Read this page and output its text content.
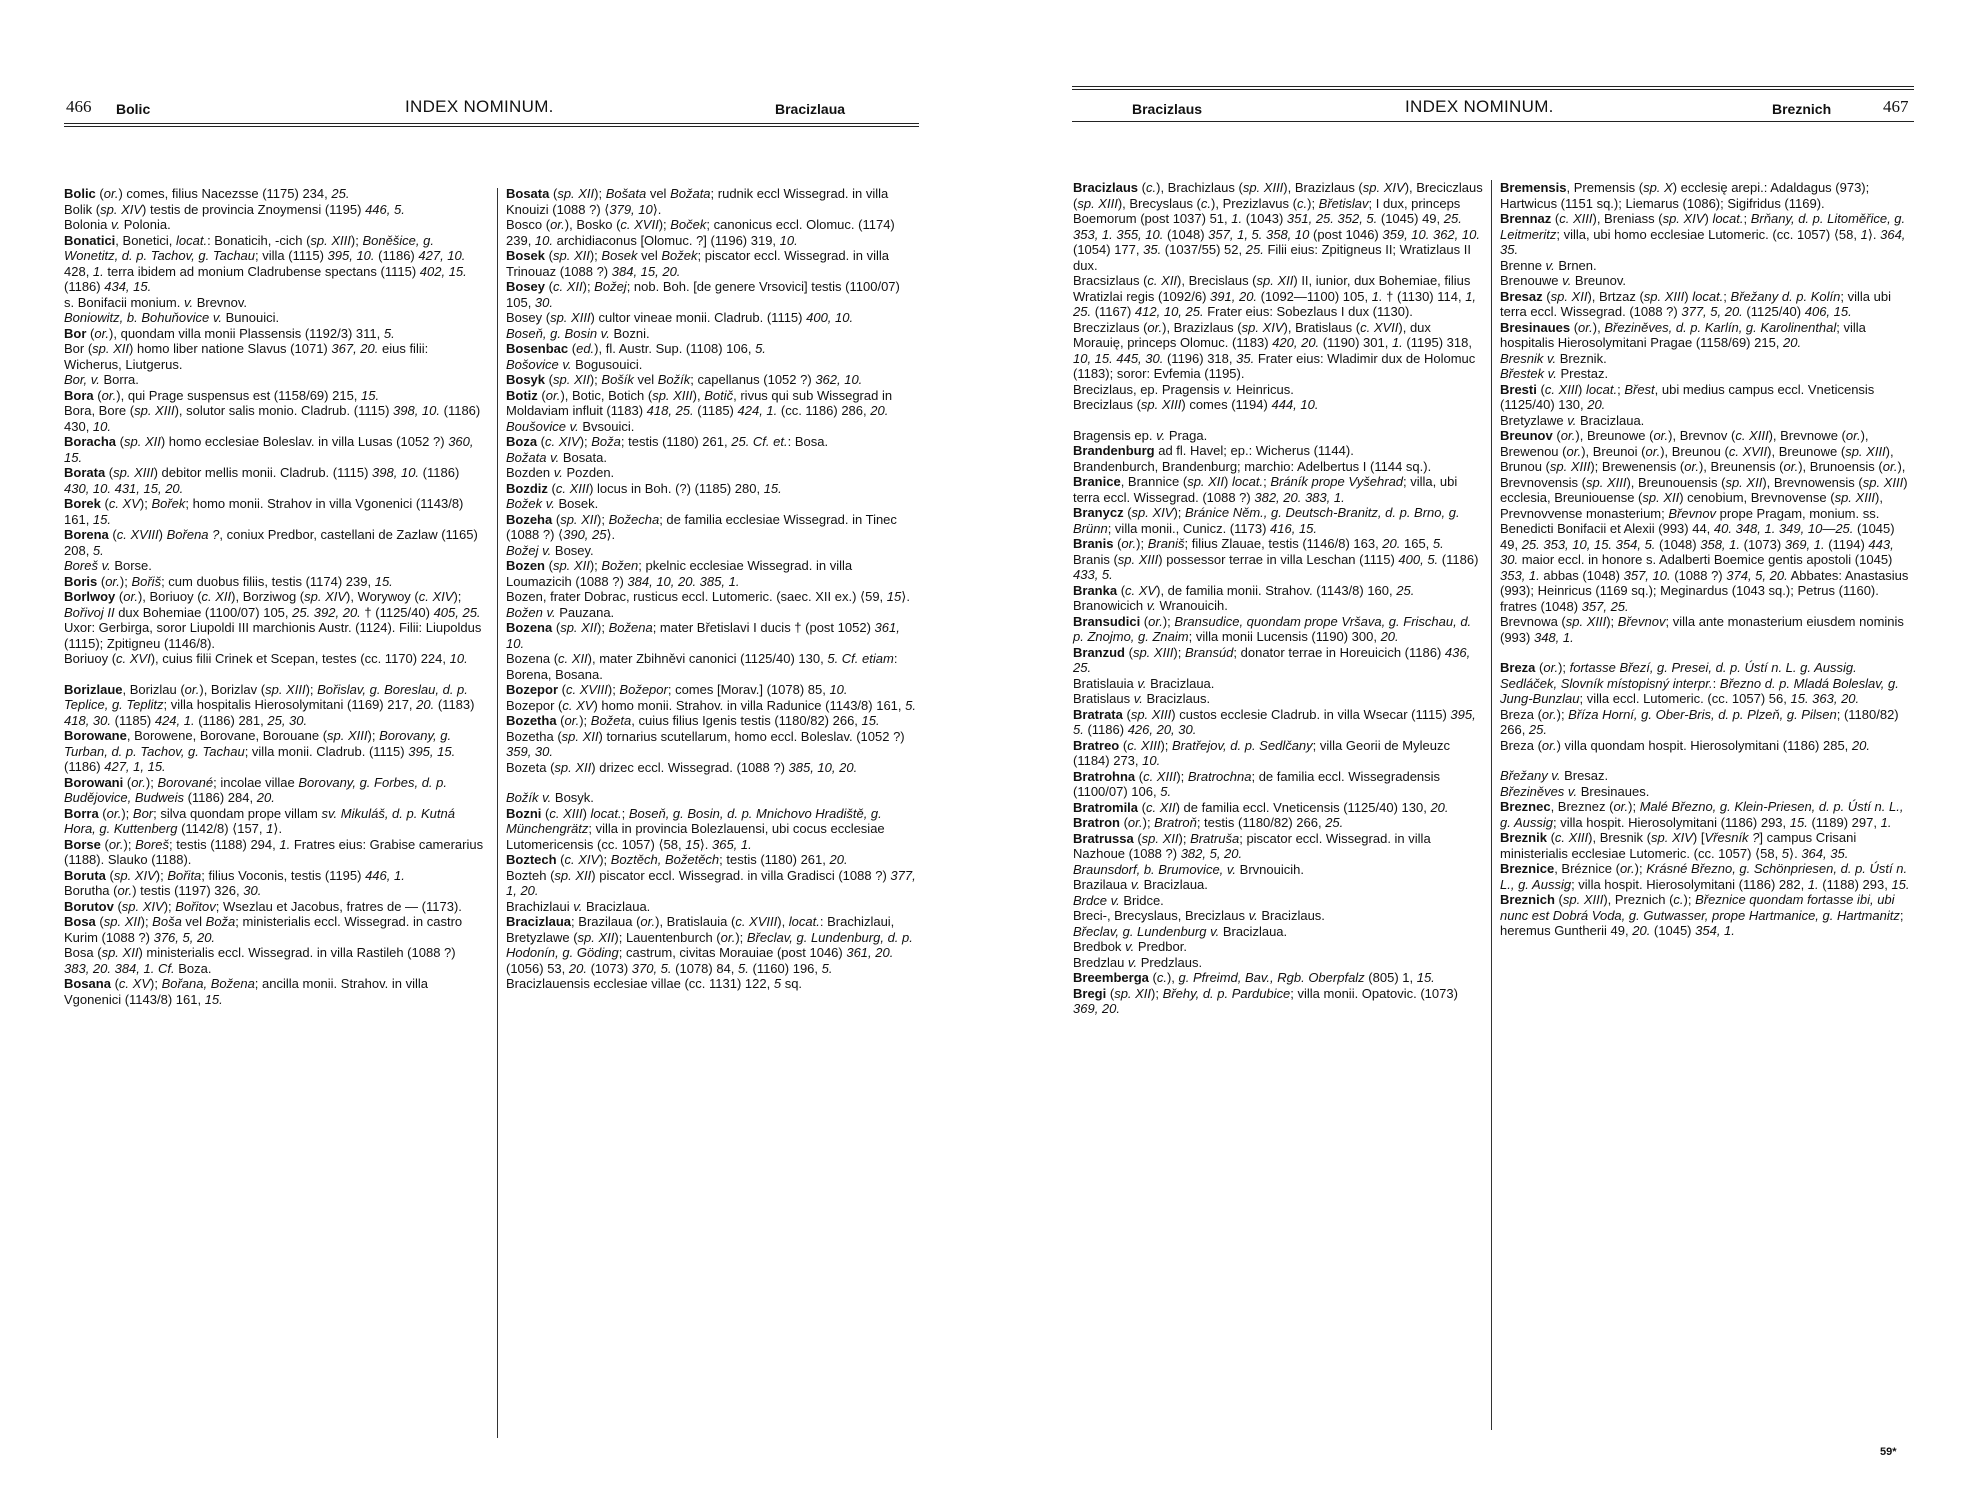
466 Bolic	INDEX NOMINUM.	Bracizlaua	Bracizlaus	INDEX NOMINUM.	Breznich	467

Bolic (or.) comes, filius Nacezsse (1175) 234, 25.

Bolik (sp. XIV) testis de provincia Znoymensi (1195) 446, 5.

Bolonia v. Polonia.

Bonatici, Bonetici, locat.: Bonaticih, -cich (sp. XIII); Boněšice, g. Wonetitz, d. p. Tachov, g. Tachau; villa (1115) 395, 10. (1186) 427, 10. 428, 1. terra ibidem ad monium Cladrubense spectans (1115) 402, 15. (1186) 434, 15.

s. Bonifacii monium. v. Brevnov.

Boniowitz, b. Bohuňovice v. Bunouici.

Bor (or.), quondam villa monii Plassensis (1192/3) 311, 5.

Bor (sp. XII) homo liber natione Slavus (1071) 367, 20. eius filii: Wicherus, Liutgerus.

Bor, v. Borra.

Bora (or.), qui Prage suspensus est (1158/69) 215, 15.

Bora, Bore (sp. XIII), solutor salis monio. Cladrub. (1115) 398, 10. (1186) 430, 10.

Boracha (sp. XII) homo ecclesiae Boleslav. in villa Lusas (1052 ?) 360, 15.

Borata (sp. XIII) debitor mellis monii. Cladrub. (1115) 398, 10. (1186) 430, 10. 431, 15, 20.

Borek (c. XV); Bořek; homo monii. Strahov in villa Vgonenici (1143/8) 161, 15.

Borena (c. XVIII) Bořena ?, coniux Predbor, castellani de Zazlaw (1165) 208, 5.

Boreš v. Borse.

Boris (or.); Bořiš; cum duobus filiis, testis (1174) 239, 15.

Borlwoy (or.), Boriuoy (c. XII), Borziwog (sp. XIV), Worywoy (c. XIV); Bořivoj II dux Bohemiae (1100/07) 105, 25. 392, 20. † (1125/40) 405, 25. Uxor: Gerbirga, soror Liupoldi III marchionis Austr. (1124). Filii: Liupoldus (1115); Zpitigneu (1146/8).

Boriuoy (c. XVI), cuius filii Crinek et Scepan, testes (cc. 1170) 224, 10.

Borizlaue, Borizlau (or.), Borizlav (sp. XIII); Bořislav, g. Boreslau, d. p. Teplice, g. Teplitz; villa hospitalis Hierosolymitani (1169) 217, 20. (1183) 418, 30. (1185) 424, 1. (1186) 281, 25, 30.

Borowane, Borowene, Borovane, Borouane (sp. XIII); Borovany, g. Turban, d. p. Tachov, g. Tachau; villa monii. Cladrub. (1115) 395, 15. (1186) 427, 1, 15.

Borowani (or.); Borované; incolae villae Borovany, g. Forbes, d. p. Budějovice, Budweis (1186) 284, 20.

Borra (or.); Bor; silva quondam prope villam sv. Mikuláš, d. p. Kutná Hora, g. Kuttenberg (1142/8) ⟨157, 1⟩.

Borse (or.); Boreš; testis (1188) 294, 1. Fratres eius: Grabise camerarius (1188). Slauko (1188).

Boruta (sp. XIV); Bořita; filius Voconis, testis (1195) 446, 1.

Borutha (or.) testis (1197) 326, 30.

Borutov (sp. XIV); Bořitov; Wsezlau et Jacobus, fratres de — (1173).

Bosa (sp. XII); Boša vel Boža; ministerialis eccl. Wissegrad. in castro Kurim (1088 ?) 376, 5, 20.

Bosa (sp. XII) ministerialis eccl. Wissegrad. in villa Rastileh (1088 ?) 383, 20. 384, 1. Cf. Boza.

Bosana (c. XV); Bořana, Božena; ancilla monii. Strahov. in villa Vgonenici (1143/8) 161, 15.

Bosata (sp. XII); Bošata vel Božata; rudnik eccl Wissegrad. in villa Knouizi (1088 ?) ⟨379, 10⟩.

Bosco (or.), Bosko (c. XVII); Boček; canonicus eccl. Olomuc. (1174) 239, 10. archidiaconus [Olomuc. ?] (1196) 319, 10.

Bosek (sp. XII); Bosek vel Božek; piscator eccl. Wissegrad. in villa Trinouaz (1088 ?) 384, 15, 20.

Bosey (c. XII); Božej; nob. Boh. [de genere Vrsovici] testis (1100/07) 105, 30.

Bosey (sp. XIII) cultor vineae monii. Cladrub. (1115) 400, 10.

Boseň, g. Bosin v. Bozni.

Bosenbac (ed.), fl. Austr. Sup. (1108) 106, 5.

Bošovice v. Bogusouici.

Bosyk (sp. XII); Bošík vel Božík; capellanus (1052 ?) 362, 10.

Botiz (or.), Botic, Botich (sp. XIII), Botič, rivus qui sub Wissegrad in Moldaviam influit (1183) 418, 25. (1185) 424, 1. (cc. 1186) 286, 20.

Boušovice v. Bvsouici.

Boza (c. XIV); Boža; testis (1180) 261, 25. Cf. et.: Bosa.

Božata v. Bosata.

Bozden v. Pozden.

Bozdiz (c. XIII) locus in Boh. (?) (1185) 280, 15.

Božek v. Bosek.

Bozeha (sp. XII); Božecha; de familia ecclesiae Wissegrad. in Tinec (1088 ?) ⟨390, 25⟩.

Božej v. Bosey.

Bozen (sp. XII); Božen; pkelnic ecclesiae Wissegrad. in villa Loumazicih (1088 ?) 384, 10, 20. 385, 1.

Bozen, frater Dobrac, rusticus eccl. Lutomeric. (saec. XII ex.) ⟨59, 15⟩.

Božen v. Pauzana.

Bozena (sp. XII); Božena; mater Břetislavi I ducis † (post 1052) 361, 10.

Bozena (c. XII), mater Zbihněvi canonici (1125/40) 130, 5. Cf. etiam: Borena, Bosana.

Bozepor (c. XVIII); Božepor; comes [Morav.] (1078) 85, 10.

Bozepor (c. XV) homo monii. Strahov. in villa Radunice (1143/8) 161, 5.

Bozetha (or.); Božeta, cuius filius Igenis testis (1180/82) 266, 15.

Bozetha (sp. XII) tornarius scutellarum, homo eccl. Boleslav. (1052 ?) 359, 30.

Bozeta (sp. XII) drizec eccl. Wissegrad. (1088 ?) 385, 10, 20.

Božík v. Bosyk.

Bozni (c. XIII) locat.; Boseň, g. Bosin, d. p. Mnichovo Hradiště, g. Münchengrätz; villa in provincia Bolezlauensi, ubi cocus ecclesiae Lutomericensis (cc. 1057) ⟨58, 15⟩. 365, 1.

Boztech (c. XIV); Boztěch, Božetěch; testis (1180) 261, 20.

Bozteh (sp. XII) piscator eccl. Wissegrad. in villa Gradisci (1088 ?) 377, 1, 20.

Brachizlaui v. Bracizlaua.

Bracizlaua; Brazilaua (or.), Bratislauia (c. XVIII), locat.: Brachizlaui, Bretyzlawe (sp. XII); Lauentenburch (or.); Břeclav, g. Lundenburg, d. p. Hodonín, g. Göding; castrum, civitas Morauiae (post 1046) 361, 20. (1056) 53, 20. (1073) 370, 5. (1078) 84, 5. (1160) 196, 5.

Bracizlauensis ecclesiae villae (cc. 1131) 122, 5 sq.

Bracizlaus (c.), Brachizlaus (sp. XIII), Brazizlaus (sp. XIV), Breciczlaus (sp. XIII), Brecyslaus (c.), Prezizlavus (c.); Břetislav; I dux, princeps Boemorum (post 1037) 51, 1. (1043) 351, 25. 352, 5. (1045) 49, 25. 353, 1. 355, 10. (1048) 357, 1, 5. 358, 10 (post 1046) 359, 10. 362, 10. (1054) 177, 35. (1037/55) 52, 25. Filii eius: Zpitigneus II; Wratizlaus II dux.

Bracsizlaus (c. XII), Brecislaus (sp. XII) II, iunior, dux Bohemiae, filius Wratizlai regis (1092/6) 391, 20. (1092—1100) 105, 1. † (1130) 114, 1, 25. (1167) 412, 10, 25. Frater eius: Sobezlaus I dux (1130).

Breczizlaus (or.), Brazizlaus (sp. XIV), Bratislaus (c. XVII), dux Morauię, princeps Olomuc. (1183) 420, 20. (1190) 301, 1. (1195) 318, 10, 15. 445, 30. (1196) 318, 35. Frater eius: Wladimir dux de Holomuc (1183); soror: Evfemia (1195).

Brecizlaus, ep. Pragensis v. Heinricus.

Brecizlaus (sp. XIII) comes (1194) 444, 10.

Bragensis ep. v. Praga.

Brandenburg ad fl. Havel; ep.: Wicherus (1144).

Brandenburch, Brandenburg; marchio: Adelbertus I (1144 sq.).

Branice, Brannice (sp. XII) locat.; Bráník prope Vyšehrad; villa, ubi terra eccl. Wissegrad. (1088 ?) 382, 20. 383, 1.

Branycz (sp. XIV); Bránice Něm., g. Deutsch-Branitz, d. p. Brno, g. Brünn; villa monii., Cunicz. (1173) 416, 15.

Branis (or.); Braniš; filius Zlauae, testis (1146/8) 163, 20. 165, 5.

Branis (sp. XIII) possessor terrae in villa Leschan (1115) 400, 5. (1186) 433, 5.

Branka (c. XV), de familia monii. Strahov. (1143/8) 160, 25.

Branowicich v. Wranouicih.

Bransudici (or.); Bransudice, quondam prope Vršava, g. Frischau, d. p. Znojmo, g. Znaim; villa monii Lucensis (1190) 300, 20.

Branzud (sp. XIII); Bransúd; donator terrae in Horeuicich (1186) 436, 25.

Bratislauia v. Bracizlaua.

Bratislaus v. Bracizlaus.

Bratrata (sp. XIII) custos ecclesie Cladrub. in villa Wsecar (1115) 395, 5. (1186) 426, 20, 30.

Bratreo (c. XIII); Bratřejov, d. p. Sedlčany; villa Georii de Myleuzc (1184) 273, 10.

Bratrohna (c. XIII); Bratrochna; de familia eccl. Wissegradensis (1100/07) 106, 5.

Bratromila (c. XII) de familia eccl. Vneticensis (1125/40) 130, 20.

Bratron (or.); Bratroň; testis (1180/82) 266, 25.

Bratrussa (sp. XII); Bratruša; piscator eccl. Wissegrad. in villa Nazhoue (1088 ?) 382, 5, 20.

Braunsdorf, b. Brumovice, v. Brvnouicih.

Brazilaua v. Bracizlaua.

Brdce v. Bridce.

Breci-, Brecyslaus, Brecizlaus v. Bracizlaus.

Břeclav, g. Lundenburg v. Bracizlaua.

Bredbok v. Predbor.

Bredzlau v. Predzlaus.

Breemberga (c.), g. Pfreimd, Bav., Rgb. Oberpfalz (805) 1, 15.

Bregi (sp. XII); Břehy, d. p. Pardubice; villa monii. Opatovic. (1073) 369, 20.

Bremensis, Premensis (sp. X) ecclesię arepi.: Adaldagus (973); Hartwicus (1151 sq.); Liemarus (1086); Sigifridus (1169).

Brennaz (c. XIII), Breniass (sp. XIV) locat.; Brňany, d. p. Litoměřice, g. Leitmeritz; villa, ubi homo ecclesiae Lutomeric. (cc. 1057) ⟨58, 1⟩. 364, 35.

Brenne v. Brnen.

Brenouwe v. Breunov.

Bresaz (sp. XII), Brtzaz (sp. XIII) locat.; Břežany d. p. Kolín; villa ubi terra eccl. Wissegrad. (1088 ?) 377, 5, 20. (1125/40) 406, 15.

Bresinaues (or.), Březiněves, d. p. Karlín, g. Karolinenthal; villa hospitalis Hierosolymitani Pragae (1158/69) 215, 20.

Bresnik v. Breznik.

Břestek v. Prestaz.

Bresti (c. XIII) locat.; Břest, ubi medius campus eccl. Vneticensis (1125/40) 130, 20.

Bretyzlawe v. Bracizlaua.

Breunov (or.), Breunowe (or.), Brevnov (c. XIII), Brevnowe (or.), Brewenou (or.), Breunoi (or.), Breunou (c. XVII), Breunowe (sp. XIII), Brunou (sp. XIII); Brewenensis (or.), Breunensis (or.), Brunoensis (or.), Brevnovensis (sp. XIII), Breunouensis (sp. XII), Brevnowensis (sp. XIII) ecclesia, Breuniouense (sp. XII) cenobium, Brevnovense (sp. XIII), Prevnovvense monasterium; Břevnov prope Pragam, monium. ss. Benedicti Bonifacii et Alexii (993) 44, 40. 348, 1. 349, 10—25. (1045) 49, 25. 353, 10, 15. 354, 5. (1048) 358, 1. (1073) 369, 1. (1194) 443, 30. maior eccl. in honore s. Adalberti Boemice gentis apostoli (1045) 353, 1. abbas (1048) 357, 10. (1088 ?) 374, 5, 20. Abbates: Anastasius (993); Heinricus (1169 sq.); Meginardus (1043 sq.); Petrus (1160). fratres (1048) 357, 25.

Brevnowa (sp. XIII); Břevnov; villa ante monasterium eiusdem nominis (993) 348, 1.

Breza (or.); fortasse Březí, g. Presei, d. p. Ústí n. L. g. Aussig. Sedláček, Slovník místopisný interpr.: Březno d. p. Mladá Boleslav, g. Jung-Bunzlau; villa eccl. Lutomeric. (cc. 1057) 56, 15. 363, 20.

Breza (or.); Bříza Horní, g. Ober-Bris, d. p. Plzeň, g. Pilsen; (1180/82) 266, 25.

Breza (or.) villa quondam hospit. Hierosolymitani (1186) 285, 20.

Břežany v. Bresaz.

Březiněves v. Bresinaues.

Breznec, Breznez (or.); Malé Březno, g. Klein-Priesen, d. p. Ústí n. L., g. Aussig; villa hospit. Hierosolymitani (1186) 293, 15. (1189) 297, 1.

Breznik (c. XIII), Bresnik (sp. XIV) [Vřesník ?] campus Crisani ministerialis ecclesiae Lutomeric. (cc. 1057) ⟨58, 5⟩. 364, 35.

Breznice, Bréznice (or.); Krásné Březno, g. Schönpriesen, d. p. Ústí n. L., g. Aussig; villa hospit. Hierosolymitani (1186) 282, 1. (1188) 293, 15.

Breznich (sp. XIII), Preznich (c.); Březnice quondam fortasse ibi, ubi nunc est Dobrá Voda, g. Gutwasser, prope Hartmanice, g. Hartmanitz; heremus Guntherii 49, 20. (1045) 354, 1.

59*
